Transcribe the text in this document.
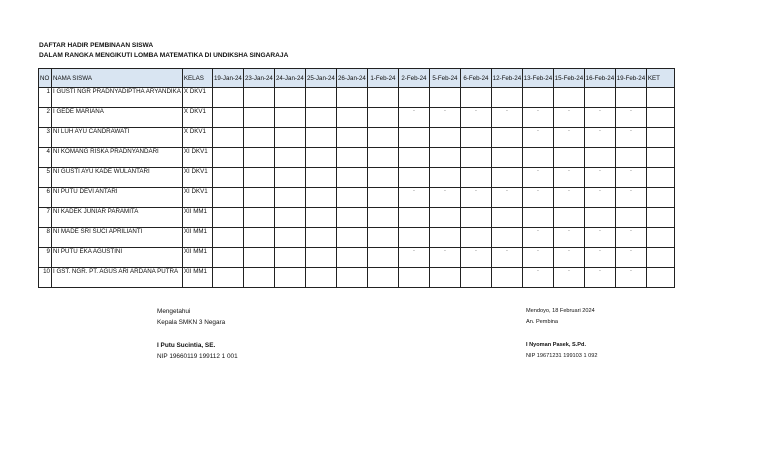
DAFTAR HADIR PEMBINAAN SISWA
DALAM RANGKA MENGIKUTI LOMBA MATEMATIKA DI UNDIKSHA SINGARAJA
NO	NAMA SISWA	KELAS	19-Jan-24	23-Jan-24	24-Jan-24	25-Jan-24	26-Jan-24	1-Feb-24	2-Feb-24	5-Feb-24	6-Feb-24	12-Feb-24	13-Feb-24	15-Feb-24	16-Feb-24	19-Feb-24	KET
1	I GUSTI NGR PRADNYADIPTHA ARYANDIKA	X DKV1															
2	I GEDE MARIANA	X DKV1							-	-	-	-	-	-	-	-	
3	NI LUH AYU CANDRAWATI	X DKV1											-	-	-	-	
4	NI KOMANG RISKA PRADNYANDARI	XI DKV1															
5	NI GUSTI AYU KADE WULANTARI	XI DKV1											-	-	-	-	
6	NI PUTU DEVI ANTARI	XI DKV1							-	-	-	-	-	-	-	-	
7	NI KADEK JUNIAR PARAMITA	XII MM1															
8	NI MADE SRI SUCI APRILIANTI	XII MM1											-	-	-	-	
9	NI PUTU EKA AGUSTINI	XII MM1							-	-	-	-	-	-	-	-	
10	I GST. NGR. PT. AGUS ARI ARDANA PUTRA	XII MM1											-	-	-	-	
Mengetahui
Kepala SMKN 3 Negara
I Putu Sucintia, SE.
NIP 19660119 199112 1 001
Mendoyo, 18 Februari 2024
An. Pembina
I Nyoman Pasek, S.Pd.
NIP 19671231 199103 1 092
